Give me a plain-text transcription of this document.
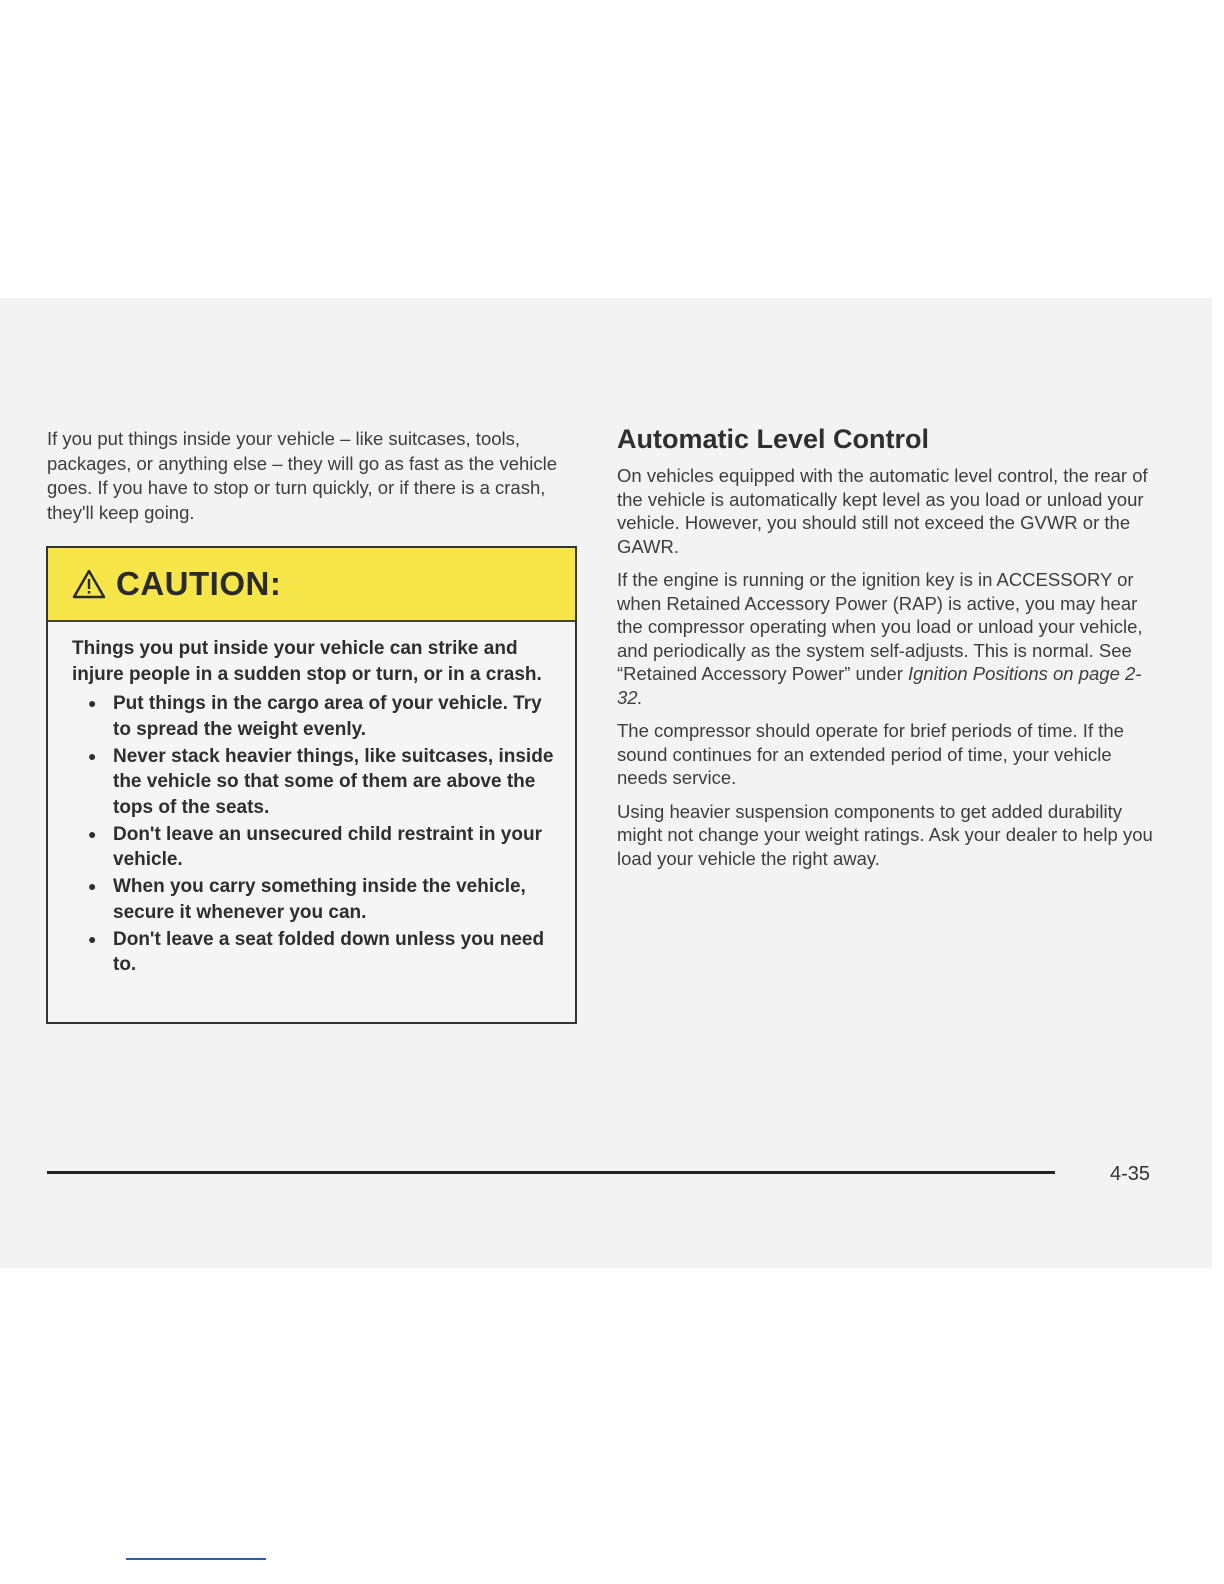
If you put things inside your vehicle – like suitcases, tools, packages, or anything else – they will go as fast as the vehicle goes. If you have to stop or turn quickly, or if there is a crash, they'll keep going.

CAUTION:

Things you put inside your vehicle can strike and injure people in a sudden stop or turn, or in a crash.

● Put things in the cargo area of your vehicle. Try to spread the weight evenly.
● Never stack heavier things, like suitcases, inside the vehicle so that some of them are above the tops of the seats.
● Don't leave an unsecured child restraint in your vehicle.
● When you carry something inside the vehicle, secure it whenever you can.
● Don't leave a seat folded down unless you need to.
Automatic Level Control

On vehicles equipped with the automatic level control, the rear of the vehicle is automatically kept level as you load or unload your vehicle. However, you should still not exceed the GVWR or the GAWR.

If the engine is running or the ignition key is in ACCESSORY or when Retained Accessory Power (RAP) is active, you may hear the compressor operating when you load or unload your vehicle, and periodically as the system self-adjusts. This is normal. See “Retained Accessory Power” under Ignition Positions on page 2-32.

The compressor should operate for brief periods of time. If the sound continues for an extended period of time, your vehicle needs service.

Using heavier suspension components to get added durability might not change your weight ratings. Ask your dealer to help you load your vehicle the right away.

4-35
